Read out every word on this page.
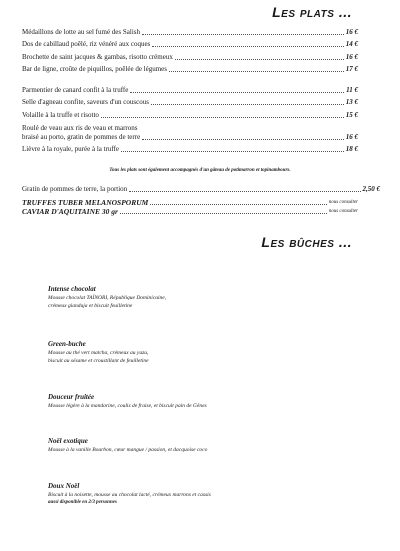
Les plats ...
Médaillons de lotte au sel fumé des Salish	16 €
Dos de cabillaud poêlé, riz vénéré aux coques	14 €
Brochette de saint jacques & gambas, risotto crémeux	16 €
Bar de ligne, croûte de piquillos, poêlée de légumes	17 €
Parmentier de canard confit à la truffe	11 €
Selle d'agneau confite, saveurs d'un couscous	13 €
Volaille à la truffe et risotto	15 €
Roulé de veau aux ris de veau et marrons
braisé au porto, gratin de pommes de terre	16 €
Lièvre à la royale, purée à la truffe	18 €
Tous les plats sont également accompagnés d'un gâteau de potimarron et topinambours.
Gratin de pommes de terre, la portion	2,50 €
TRUFFES TUBER MELANOSPORUM	nous consulter
CAVIAR D'AQUITAINE 30 gr	nous consulter
Les bûches ...
Intense chocolat
Mousse chocolat TAÏNORI, République Dominicaine,
crémeux gianduja et biscuit feuilletine
Green-buche
Mousse au thé vert matcha, crémeux au yuzu,
biscuit au sésame et croustillant de feuilletine
Douceur fruitée
Mousse légère à la mandarine, coulis de fraise, et biscuit pain de Gênes
Noël exotique
Mousse à la vanille Bourbon, cœur mangue / passion, et dacquoise coco
Doux Noël
Biscuit à la noisette, mousse au chocolat lacté, crémeux marrons et cassis
aussi disponible en 2/3 personnes
